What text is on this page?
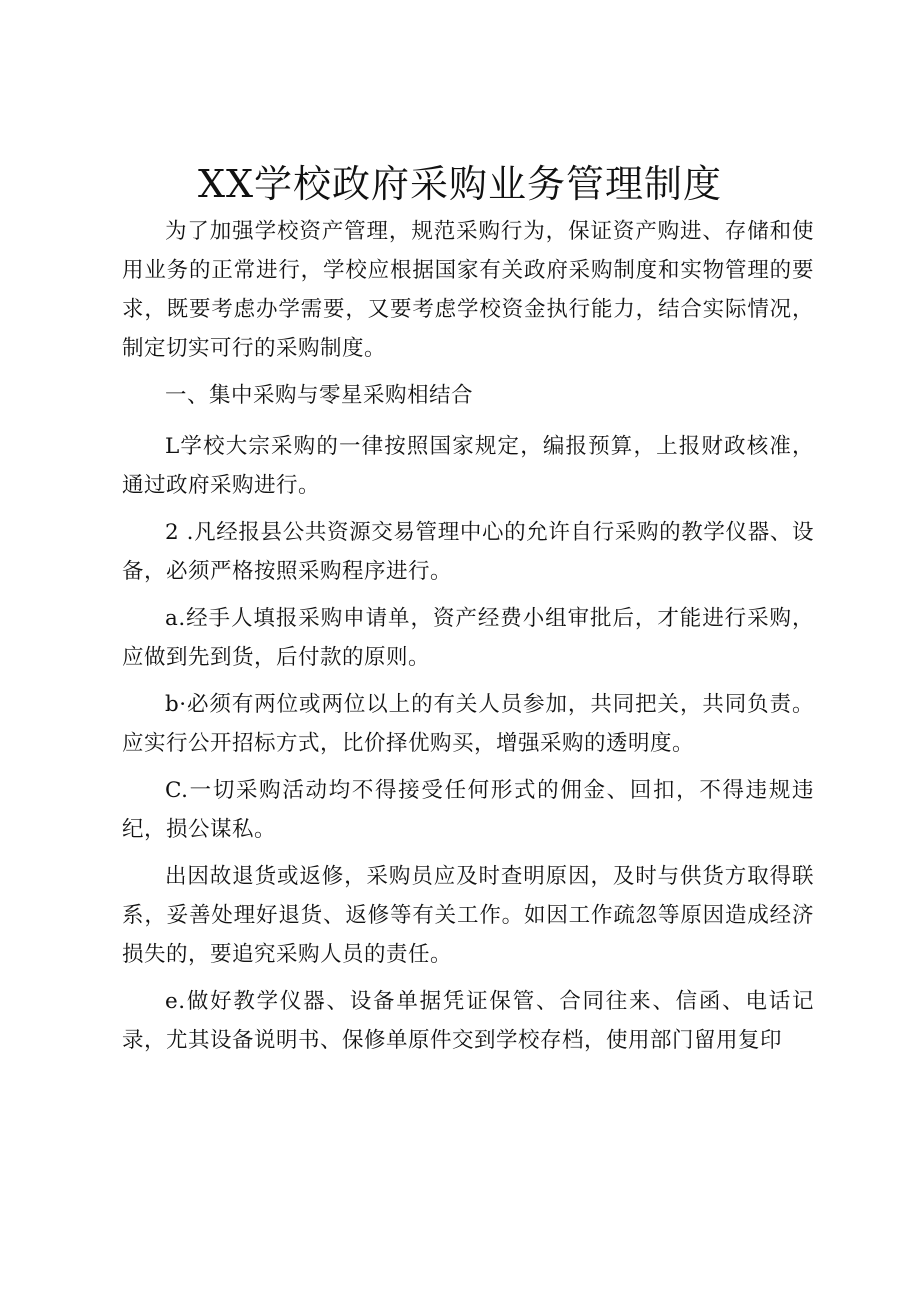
XX学校政府采购业务管理制度

为了加强学校资产管理，规范采购行为，保证资产购进、存储和使用业务的正常进行，学校应根据国家有关政府采购制度和实物管理的要求，既要考虑办学需要，又要考虑学校资金执行能力，结合实际情况，制定切实可行的采购制度。

一、集中采购与零星采购相结合

L学校大宗采购的一律按照国家规定，编报预算，上报财政核准，通过政府采购进行。

2 .凡经报县公共资源交易管理中心的允许自行采购的教学仪器、设备，必须严格按照采购程序进行。

a.经手人填报采购申请单，资产经费小组审批后，才能进行采购，应做到先到货，后付款的原则。

b·必须有两位或两位以上的有关人员参加，共同把关，共同负责。应实行公开招标方式，比价择优购买，增强采购的透明度。

C.一切采购活动均不得接受任何形式的佣金、回扣，不得违规违纪，损公谋私。

出因故退货或返修，采购员应及时查明原因，及时与供货方取得联系，妥善处理好退货、返修等有关工作。如因工作疏忽等原因造成经济损失的，要追究采购人员的责任。

e.做好教学仪器、设备单据凭证保管、合同往来、信函、电话记录，尤其设备说明书、保修单原件交到学校存档，使用部门留用复印
